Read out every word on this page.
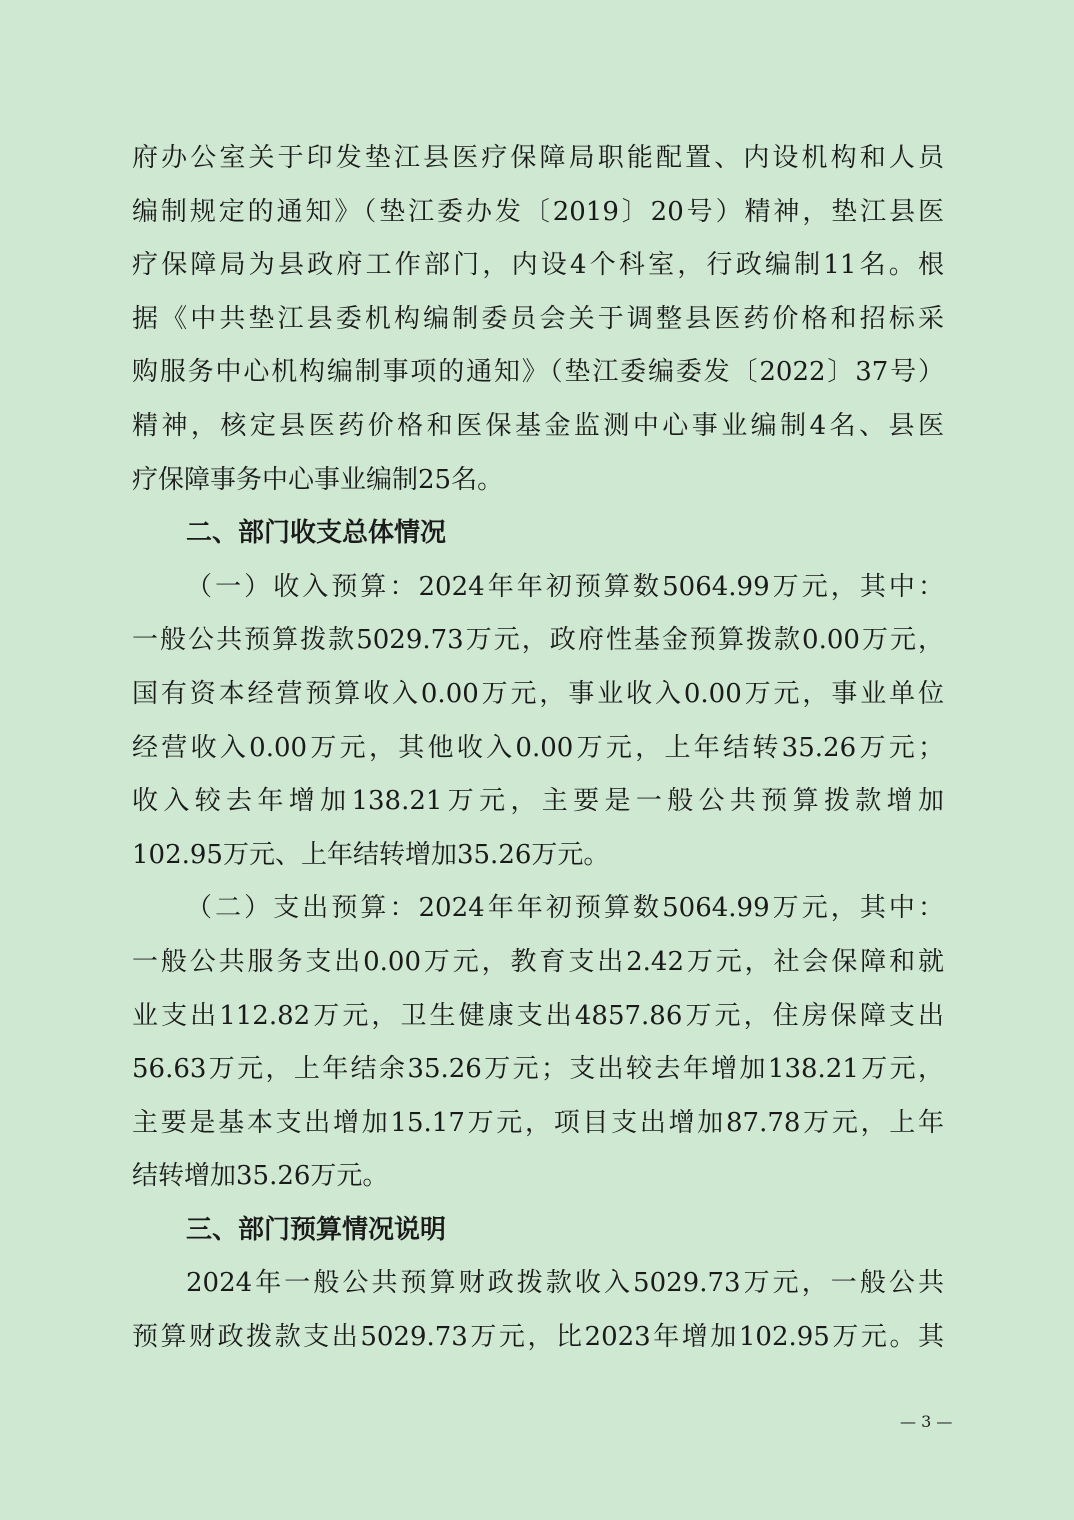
府办公室关于印发垫江县医疗保障局职能配置、内设机构和人员
编制规定的通知》（垫江委办发〔2019〕20号）精神，垫江县医
疗保障局为县政府工作部门，内设4个科室，行政编制11名。根
据《中共垫江县委机构编制委员会关于调整县医药价格和招标采
购服务中心机构编制事项的通知》（垫江委编委发〔2022〕37号）
精神，核定县医药价格和医保基金监测中心事业编制4名、县医
疗保障事务中心事业编制25名。
二、部门收支总体情况
（一）收入预算：2024年年初预算数5064.99万元，其中：
一般公共预算拨款5029.73万元，政府性基金预算拨款0.00万元，
国有资本经营预算收入0.00万元，事业收入0.00万元，事业单位
经营收入0.00万元，其他收入0.00万元，上年结转35.26万元；
收入较去年增加138.21万元，主要是一般公共预算拨款增加
102.95万元、上年结转增加35.26万元。
（二）支出预算：2024年年初预算数5064.99万元，其中：
一般公共服务支出0.00万元，教育支出2.42万元，社会保障和就
业支出112.82万元，卫生健康支出4857.86万元，住房保障支出
56.63万元，上年结余35.26万元；支出较去年增加138.21万元，
主要是基本支出增加15.17万元，项目支出增加87.78万元，上年
结转增加35.26万元。
三、部门预算情况说明
2024年一般公共预算财政拨款收入5029.73万元，一般公共
预算财政拨款支出5029.73万元，比2023年增加102.95万元。其
— 3 —
